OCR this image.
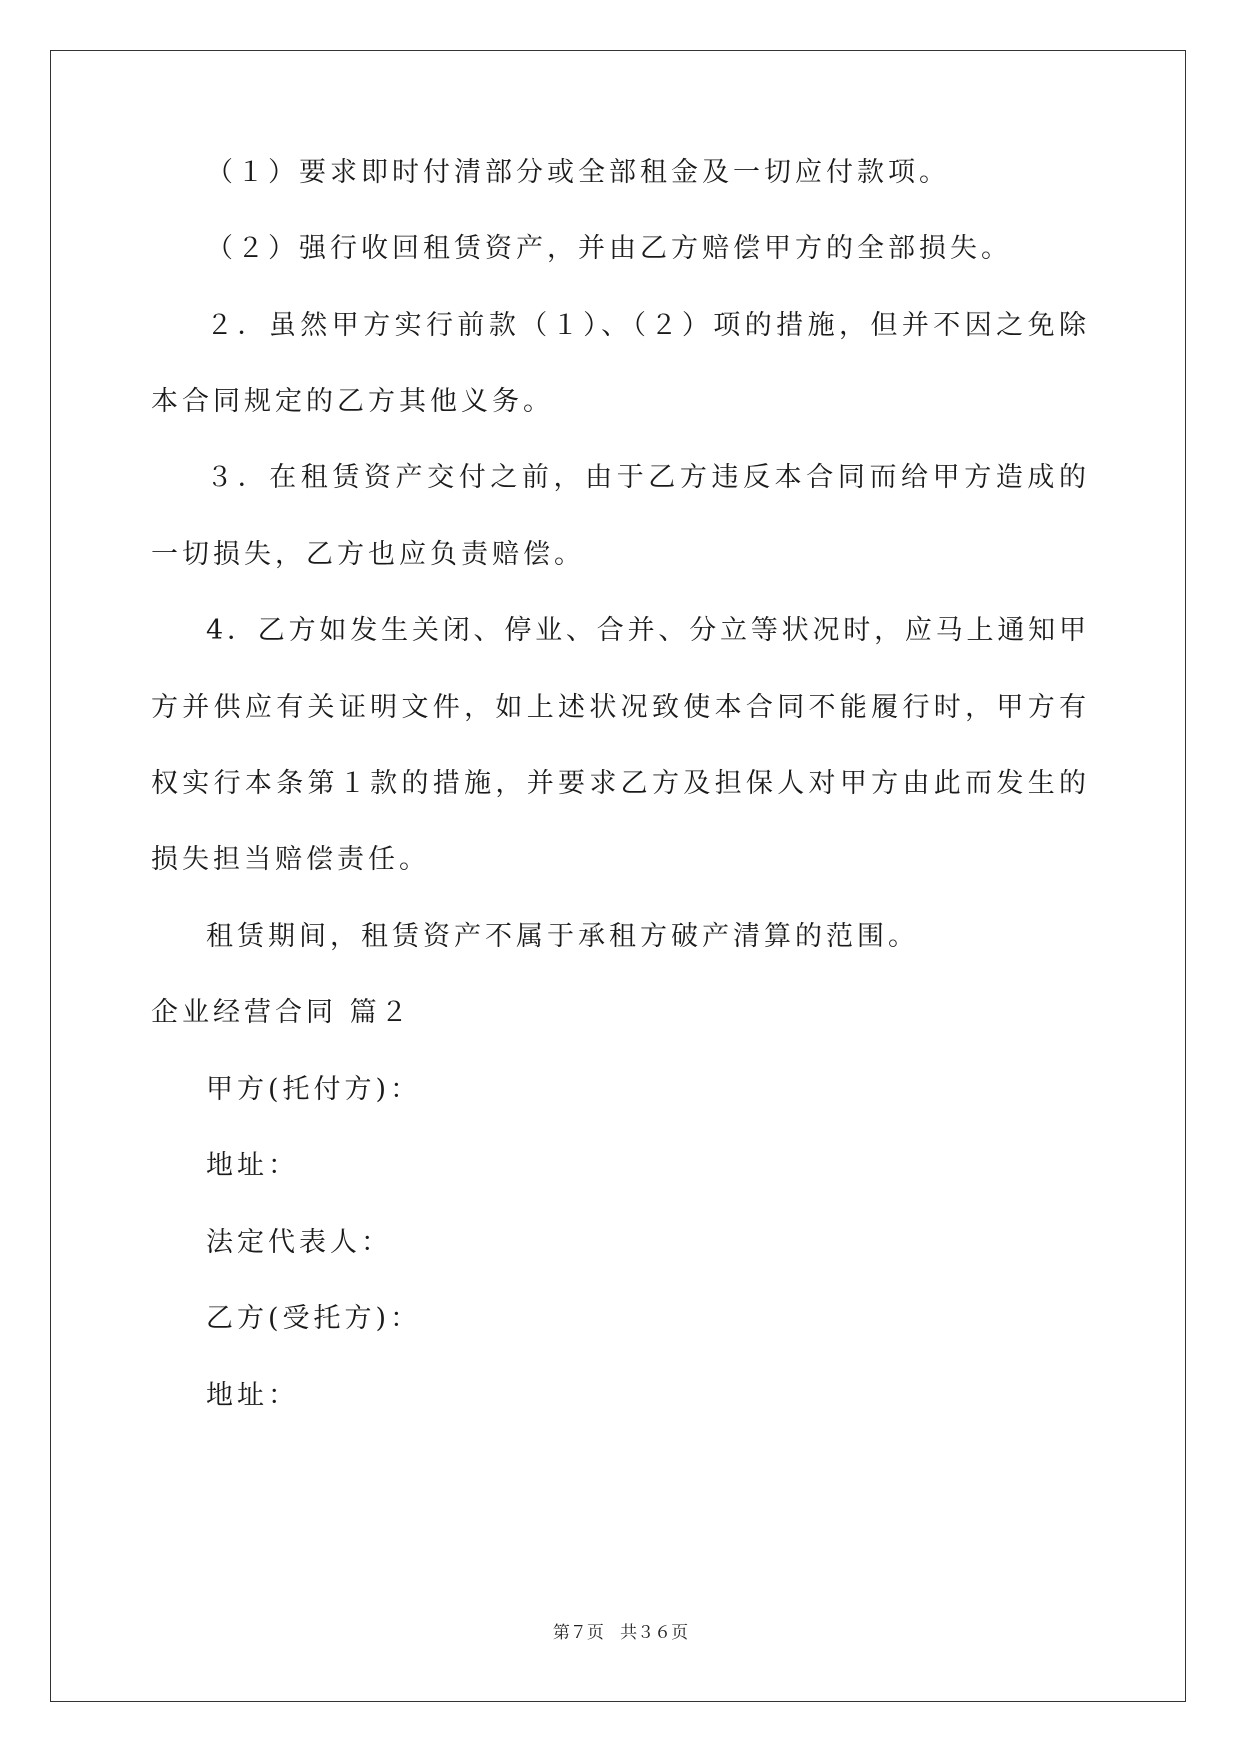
（１）要求即时付清部分或全部租金及一切应付款项。
（２）强行收回租赁资产，并由乙方赔偿甲方的全部损失。
２．虽然甲方实行前款（１）、（２）项的措施，但并不因之免除
本合同规定的乙方其他义务。
３．在租赁资产交付之前，由于乙方违反本合同而给甲方造成的
一切损失，乙方也应负责赔偿。
4．乙方如发生关闭、停业、合并、分立等状况时，应马上通知甲
方并供应有关证明文件，如上述状况致使本合同不能履行时，甲方有
权实行本条第１款的措施，并要求乙方及担保人对甲方由此而发生的
损失担当赔偿责任。
租赁期间，租赁资产不属于承租方破产清算的范围。
企业经营合同 篇２
甲方(托付方)：
地址：
法定代表人：
乙方(受托方)：
地址：
第７页   共３６页
